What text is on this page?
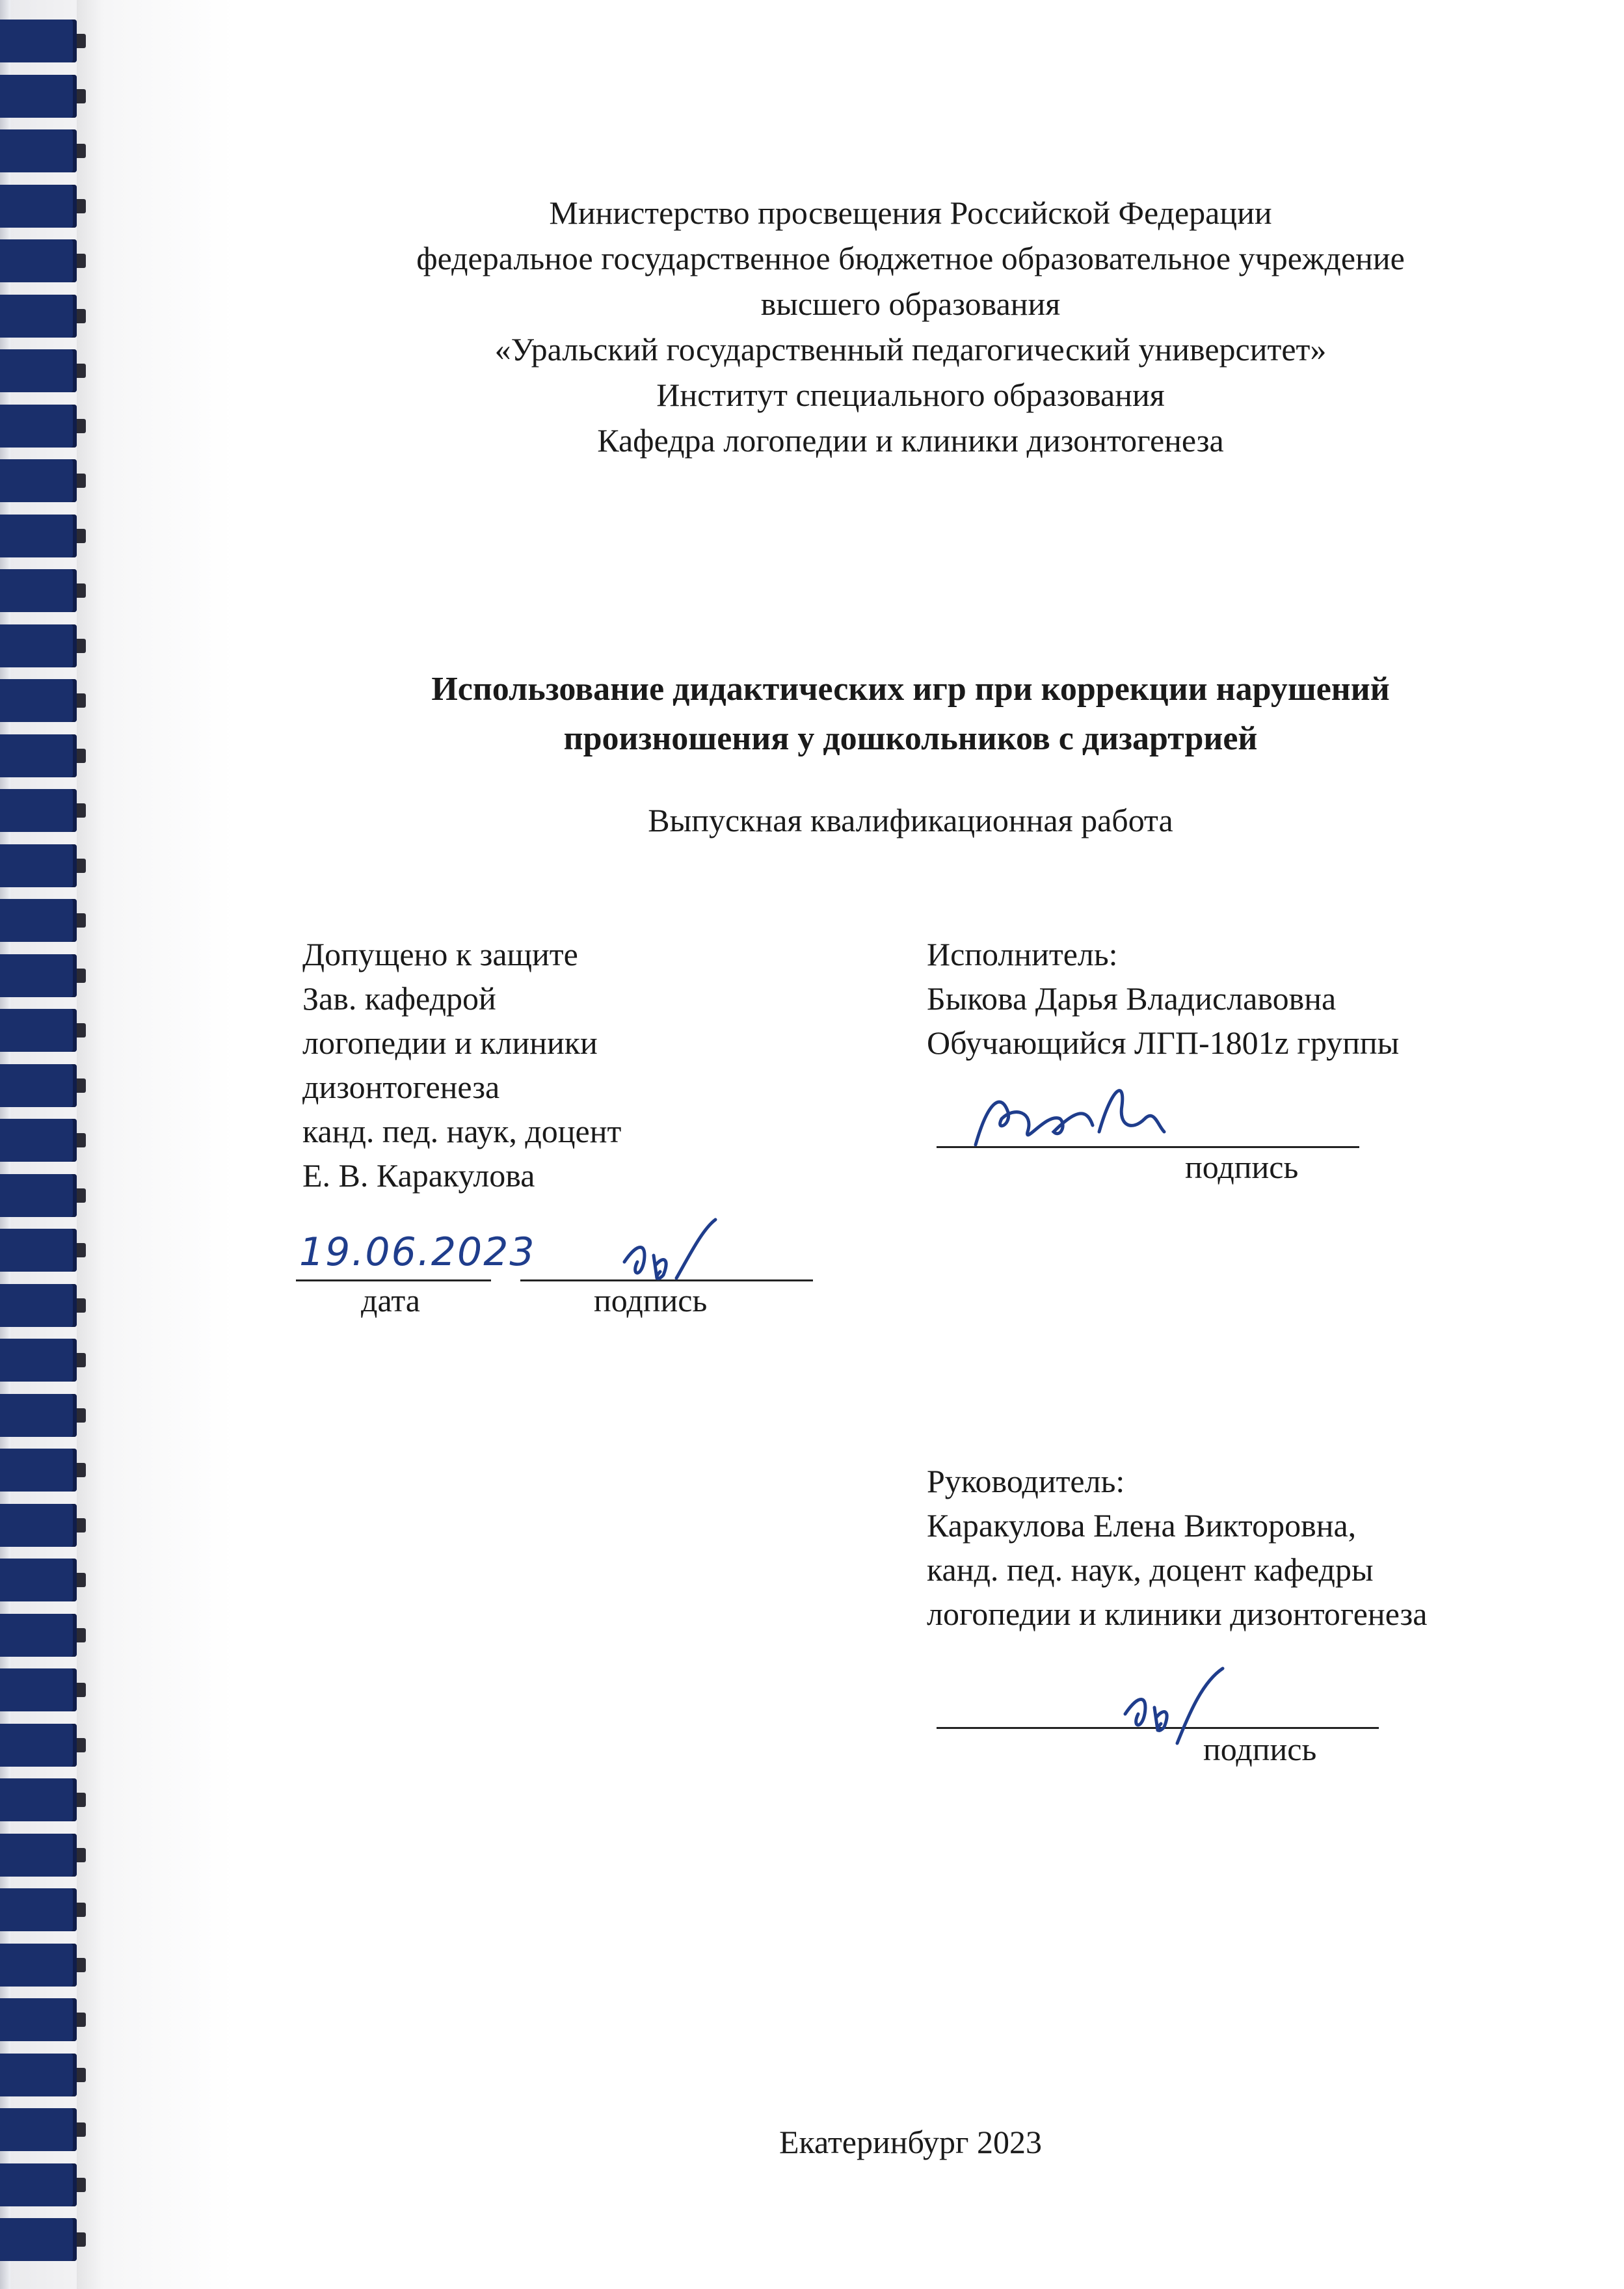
Министерство просвещения Российской Федерации
федеральное государственное бюджетное образовательное учреждение
высшего образования
«Уральский государственный педагогический университет»
Институт специального образования
Кафедра логопедии и клиники дизонтогенеза
Использование дидактических игр при коррекции нарушений
произношения у дошкольников с дизартрией
Выпускная квалификационная работа
Допущено к защите
Зав. кафедрой
логопедии и клиники
дизонтогенеза
канд. пед. наук, доцент
Е. В. Каракулова
19.06.2023
дата	подпись
Исполнитель:
Быкова Дарья Владиславовна
Обучающийся ЛГП-1801z группы
подпись
Руководитель:
Каракулова Елена Викторовна,
канд. пед. наук, доцент кафедры
логопедии и клиники дизонтогенеза
подпись
Екатеринбург 2023
